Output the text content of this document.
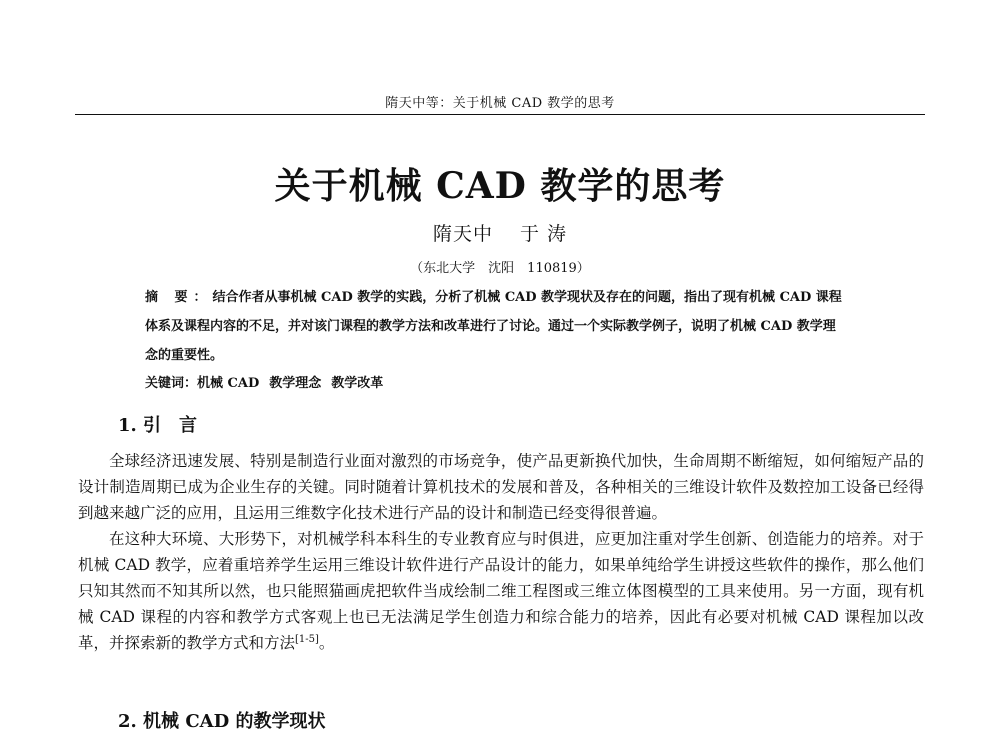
隋天中等：关于机械 CAD 教学的思考
关于机械 CAD 教学的思考
隋天中　 于 涛
（东北大学　沈阳　110819）
摘 要：结合作者从事机械 CAD 教学的实践，分析了机械 CAD 教学现状及存在的问题，指出了现有机械 CAD 课程体系及课程内容的不足，并对该门课程的教学方法和改革进行了讨论。通过一个实际教学例子，说明了机械 CAD 教学理念的重要性。
关键词：机械 CAD 教学理念 教学改革
1. 引　言

全球经济迅速发展、特别是制造行业面对激烈的市场竞争，使产品更新换代加快，生命周期不断缩短，如何缩短产品的设计制造周期已成为企业生存的关键。同时随着计算机技术的发展和普及，各种相关的三维设计软件及数控加工设备已经得到越来越广泛的应用，且运用三维数字化技术进行产品的设计和制造已经变得很普遍。

在这种大环境、大形势下，对机械学科本科生的专业教育应与时俱进，应更加注重对学生创新、创造能力的培养。对于机械 CAD 教学，应着重培养学生运用三维设计软件进行产品设计的能力，如果单纯给学生讲授这些软件的操作，那么他们只知其然而不知其所以然，也只能照猫画虎把软件当成绘制二维工程图或三维立体图模型的工具来使用。另一方面，现有机械 CAD 课程的内容和教学方式客观上也已无法满足学生创造力和综合能力的培养，因此有必要对机械 CAD 课程加以改革，并探索新的教学方式和方法[1-5]。

2. 机械 CAD 的教学现状
